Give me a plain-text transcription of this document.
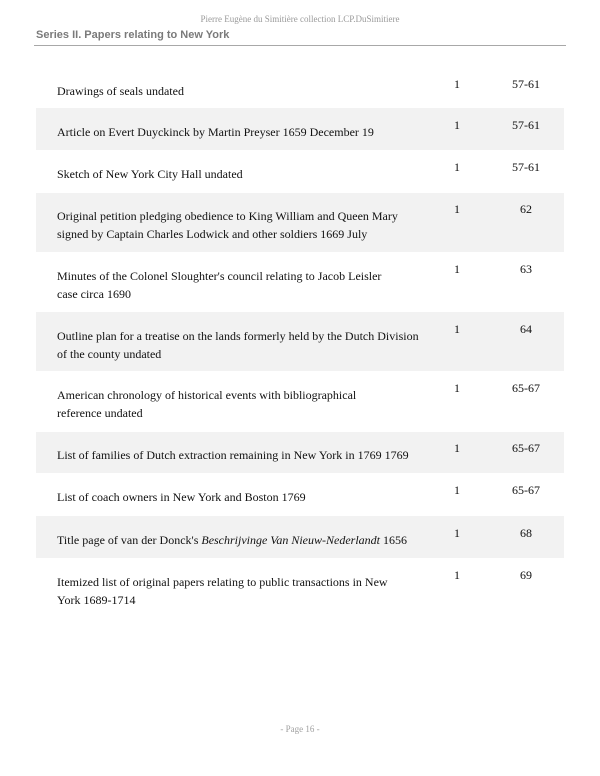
Pierre Eugène du Simitière collection LCP.DuSimitiere
Series II. Papers relating to New York
Drawings of seals undated	1	57-61
Article on Evert Duyckinck by Martin Preyser 1659 December 19	1	57-61
Sketch of New York City Hall undated	1	57-61
Original petition pledging obedience to King William and Queen Mary
signed by Captain Charles Lodwick and other soldiers 1669 July
1	62
Minutes of the Colonel Sloughter's council relating to Jacob Leisler
case circa 1690
1	63
Outline plan for a treatise on the lands formerly held by the Dutch Division
of the county undated
1	64
American chronology of historical events with bibliographical
reference undated
1	65-67
List of families of Dutch extraction remaining in New York in 1769 1769	1	65-67
List of coach owners in New York and Boston 1769	1	65-67
Title page of van der Donck's Beschrijvinge Van Nieuw-Nederlandt 1656	1	68
Itemized list of original papers relating to public transactions in New
York 1689-1714
1	69
- Page 16 -
